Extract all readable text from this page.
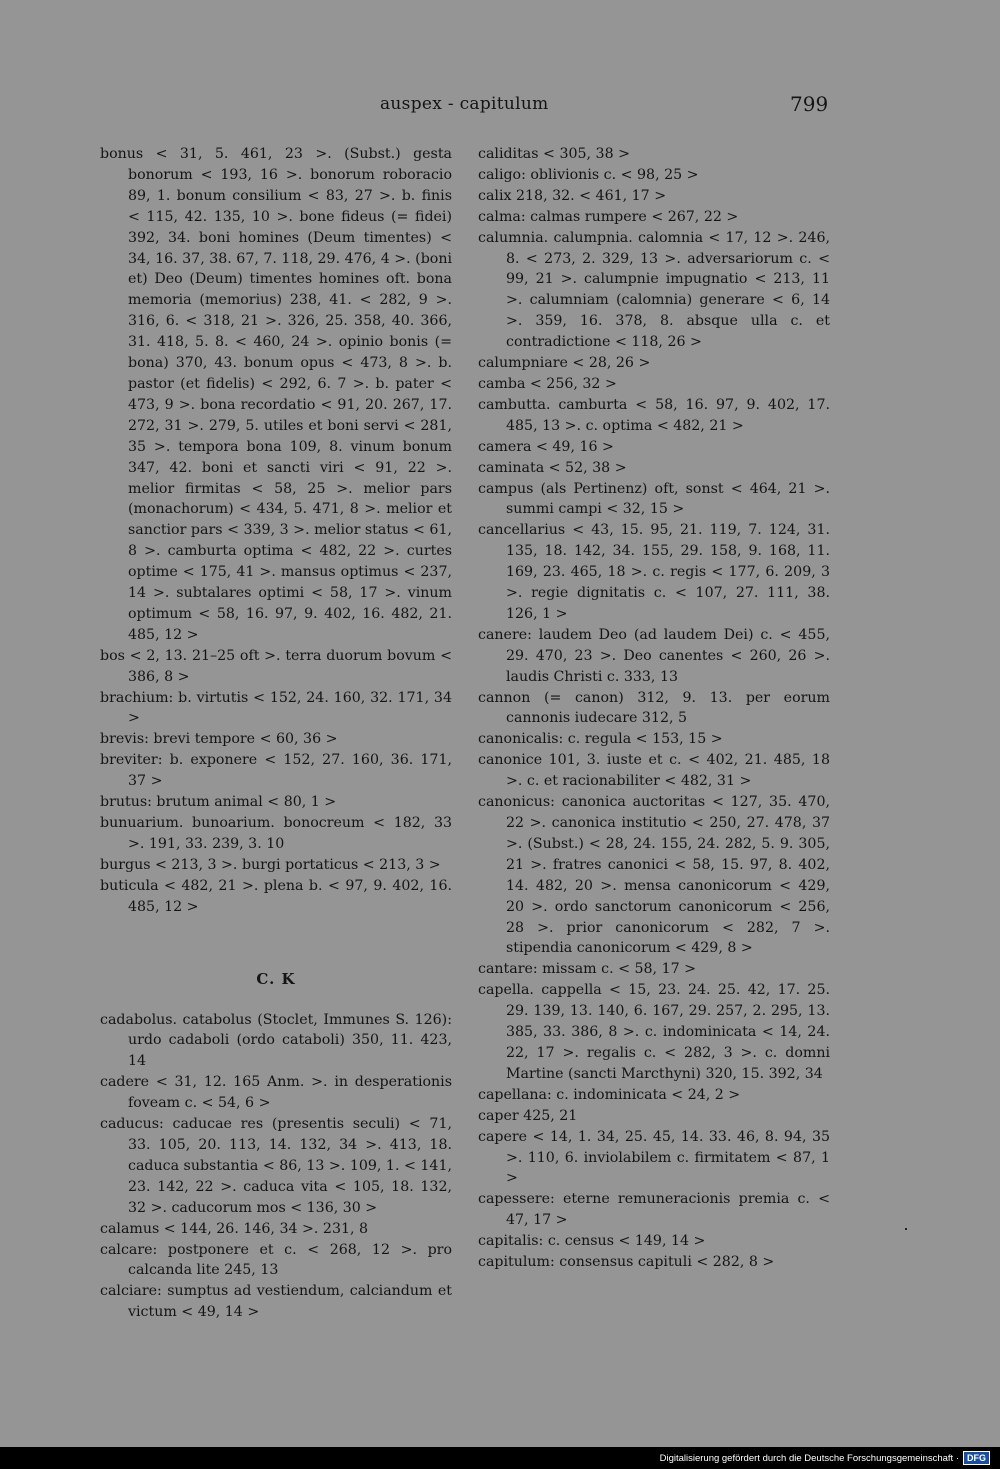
auspex - capitulum	799
bonus < 31, 5. 461, 23 >. (Subst.) gesta bonorum < 193, 16 >. bonorum roboracio 89, 1. bonum consilium < 83, 27 >. b. finis < 115, 42. 135, 10 >. bone fideus (= fidei) 392, 34. boni homines (Deum timentes) < 34, 16. 37, 38. 67, 7. 118, 29. 476, 4 >. (boni et) Deo (Deum) timentes homines oft. bona memoria (memorius) 238, 41. < 282, 9 >. 316, 6. < 318, 21 >. 326, 25. 358, 40. 366, 31. 418, 5. 8. < 460, 24 >. opinio bonis (= bona) 370, 43. bonum opus < 473, 8 >. b. pastor (et fidelis) < 292, 6. 7 >. b. pater < 473, 9 >. bona recordatio < 91, 20. 267, 17. 272, 31 >. 279, 5. utiles et boni servi < 281, 35 >. tempora bona 109, 8. vinum bonum 347, 42. boni et sancti viri < 91, 22 >. melior firmitas < 58, 25 >. melior pars (monachorum) < 434, 5. 471, 8 >. melior et sanctior pars < 339, 3 >. melior status < 61, 8 >. camburta optima < 482, 22 >. curtes optime < 175, 41 >. mansus optimus < 237, 14 >. subtalares optimi < 58, 17 >. vinum optimum < 58, 16. 97, 9. 402, 16. 482, 21. 485, 12 >
bos < 2, 13. 21–25 oft >. terra duorum bovum < 386, 8 >
brachium: b. virtutis < 152, 24. 160, 32. 171, 34 >
brevis: brevi tempore < 60, 36 >
breviter: b. exponere < 152, 27. 160, 36. 171, 37 >
brutus: brutum animal < 80, 1 >
bunuarium. bunoarium. bonocreum < 182, 33 >. 191, 33. 239, 3. 10
burgus < 213, 3 >. burgi portaticus < 213, 3 >
buticula < 482, 21 >. plena b. < 97, 9. 402, 16. 485, 12 >
C. K
cadabolus. catabolus (Stoclet, Immunes S. 126): urdo cadaboli (ordo cataboli) 350, 11. 423, 14
cadere < 31, 12. 165 Anm. >. in desperationis foveam c. < 54, 6 >
caducus: caducae res (presentis seculi) < 71, 33. 105, 20. 113, 14. 132, 34 >. 413, 18. caduca substantia < 86, 13 >. 109, 1. < 141, 23. 142, 22 >. caduca vita < 105, 18. 132, 32 >. caducorum mos < 136, 30 >
calamus < 144, 26. 146, 34 >. 231, 8
calcare: postponere et c. < 268, 12 >. pro calcanda lite 245, 13
calciare: sumptus ad vestiendum, calciandum et victum < 49, 14 >
caliditas < 305, 38 >
caligo: oblivionis c. < 98, 25 >
calix 218, 32. < 461, 17 >
calma: calmas rumpere < 267, 22 >
calumnia. calumpnia. calomnia < 17, 12 >. 246, 8. < 273, 2. 329, 13 >. adversariorum c. < 99, 21 >. calumpnie impugnatio < 213, 11 >. calumniam (calomnia) generare < 6, 14 >. 359, 16. 378, 8. absque ulla c. et contradictione < 118, 26 >
calumpniare < 28, 26 >
camba < 256, 32 >
cambutta. camburta < 58, 16. 97, 9. 402, 17. 485, 13 >. c. optima < 482, 21 >
camera < 49, 16 >
caminata < 52, 38 >
campus (als Pertinenz) oft, sonst < 464, 21 >. summi campi < 32, 15 >
cancellarius < 43, 15. 95, 21. 119, 7. 124, 31. 135, 18. 142, 34. 155, 29. 158, 9. 168, 11. 169, 23. 465, 18 >. c. regis < 177, 6. 209, 3 >. regie dignitatis c. < 107, 27. 111, 38. 126, 1 >
canere: laudem Deo (ad laudem Dei) c. < 455, 29. 470, 23 >. Deo canentes < 260, 26 >. laudis Christi c. 333, 13
cannon (= canon) 312, 9. 13. per eorum cannonis iudecare 312, 5
canonicalis: c. regula < 153, 15 >
canonice 101, 3. iuste et c. < 402, 21. 485, 18 >. c. et racionabiliter < 482, 31 >
canonicus: canonica auctoritas < 127, 35. 470, 22 >. canonica institutio < 250, 27. 478, 37 >. (Subst.) < 28, 24. 155, 24. 282, 5. 9. 305, 21 >. fratres canonici < 58, 15. 97, 8. 402, 14. 482, 20 >. mensa canonicorum < 429, 20 >. ordo sanctorum canonicorum < 256, 28 >. prior canonicorum < 282, 7 >. stipendia canonicorum < 429, 8 >
cantare: missam c. < 58, 17 >
capella. cappella < 15, 23. 24. 25. 42, 17. 25. 29. 139, 13. 140, 6. 167, 29. 257, 2. 295, 13. 385, 33. 386, 8 >. c. indominicata < 14, 24. 22, 17 >. regalis c. < 282, 3 >. c. domni Martine (sancti Marcthyni) 320, 15. 392, 34
capellana: c. indominicata < 24, 2 >
caper 425, 21
capere < 14, 1. 34, 25. 45, 14. 33. 46, 8. 94, 35 >. 110, 6. inviolabilem c. firmitatem < 87, 1 >
capessere: eterne remuneracionis premia c. < 47, 17 >
capitalis: c. census < 149, 14 >
capitulum: consensus capituli < 282, 8 >
Digitalisierung gefördert durch die Deutsche Forschungsgemeinschaft · DFG
